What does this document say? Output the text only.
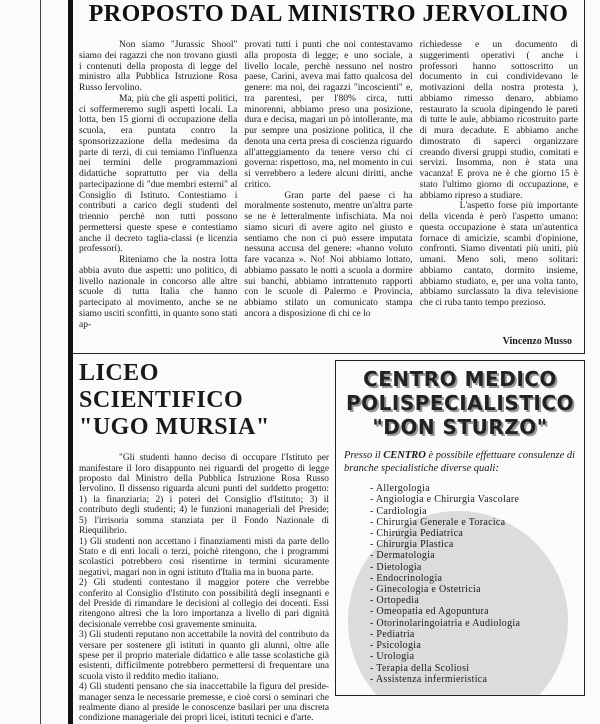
PROPOSTO DAL MINISTRO JERVOLINO

Non siamo "Jurassic Shool" siamo dei ragazzi che non trovano giusti i contenuti della proposta di legge del ministro alla Pubblica Istruzione Rosa Russo Iervolino.

Ma, più che gli aspetti politici, ci soffermeremo sugli aspetti locali. La lotta, ben 15 giorni di occupazione della scuola, era puntata contro la sponsorizzazione della medesima da parte di terzi, di cui temiamo l'influenza nei termini delle programmazioni didattiche soprattutto per via della partecipazione di "due membri esterni" al Consiglio di Istituto. Contestiamo i contributi a carico degli studenti del triennio perchè non tutti possono permettersi queste spese e contestiamo anche il decreto taglia-classi (e licenzia professori).

Riteniamo che la nostra lotta abbia avuto due aspetti: uno politico, di livello nazionale in concorso alle altre scuole di tutta Italia che hanno partecipato al movimento, anche se ne siamo usciti sconfitti, in quanto sono stati ap-

provati tutti i punti che noi contestavamo alla proposta di legge; e uno sociale, a livello locale, perchè nessuno nel nostro paese, Carini, aveva mai fatto qualcosa del genere: ma noi, dei ragazzi "incoscienti" e, tra parentesi, per l'80% circa, tutti minorenni, abbiamo preso una posizione, dura e decisa, magari un pò intollerante, ma pur sempre una posizione politica, il che denota una certa presa di coscienza riguardo all'atteggiamento da tenere verso chi ci governa: rispettoso, ma, nel momento in cui si verrebbero a ledere alcuni diritti, anche critico.

Gran parte del paese ci ha moralmente sostenuto, mentre un'altra parte se ne è letteralmente infischiata. Ma noi siamo sicuri di avere agito nel giusto e sentiamo che non ci può essere imputata nessuna accusa del genere: «hanno voluto fare vacanza ». No! Noi abbiamo lottato, abbiamo passato le notti a scuola a dormire sui banchi, abbiamo intrattenuto rapporti con le scuole di Palermo e Provincia, abbiamo stilato un comunicato stampa ancora a disposizione di chi ce lo

richiedesse e un documento di suggerimenti operativi ( anche i professori hanno sottoscritto un documento in cui condividevano le motivazioni della nostra protesta ), abbiamo rimesso denaro, abbiamo restaurato la scuola dipingendo le pareti di tutte le aule, abbiamo ricostruito parte di mura decadute. E abbiamo anche dimostrato di saperci organizzare creando diversi gruppi studio, comitati e servizi. Insomma, non è stata una vacanza! E prova ne è che giorno 15 è stato l'ultimo giorno di occupazione, e abbiamo ripreso a studiare.

L'aspetto forse più importante della vicenda è però l'aspetto umano: questa occupazione è stata un'autentica fornace di amicizie, scambi d'opinione, confronti. Siamo diventati più uniti, più umani. Meno soli, meno solitari: abbiamo cantato, dormito insieme, abbiamo studiato, e, per una volta tanto, abbiamo surclassato la diva televisione che ci ruba tanto tempo prezioso.

Vincenzo Musso
LICEO SCIENTIFICO
"UGO MURSIA"

"Gli studenti hanno deciso di occupare l'Istituto per manifestare il loro disappunto nei riguardi del progetto di legge proposto dal Ministro della Pubblica Istruzione Rosa Russo Iervolino. Il dissenso riguarda alcuni punti del suddetto progetto: 1) la finanziaria; 2) i poteri del Consiglio d'Istituto; 3) il contributo degli studenti; 4) le funzioni manageriali del Preside; 5) l'irrisoria somma stanziata per il Fondo Nazionale di Riequilibrio.

1) Gli studenti non accettano i finanziamenti misti da parte dello Stato e di enti locali o terzi, poichè ritengono, che i programmi scolastici potrebbero così risentirne in termini sicuramente negativi, magari non in ogni istituto d'Italia ma in buona parte.

2) Gli studenti contestano il maggior potere che verrebbe conferito al Consiglio d'Istituto con possibilità degli insegnanti e del Preside di rimandare le decisioni al collegio dei docenti. Essi ritengono altresì che la loro importanza a livello di pari dignità decisionale verrebbe così gravemente sminuita.

3) Gli studenti reputano non accettabile la novità del contributo da versare per sostenere gli istituti in quanto gli alunni, oltre alle spese per il proprio materiale didattico e alle tasse scolastiche già esistenti, difficilmente potrebbero permettersi di frequentare una scuola visto il reddito medio italiano.

4) Gli studenti pensano che sia inaccettabile la figura del preside-manager senza le necessarie premesse, e cioè corsi o seminari che realmente diano al preside le conoscenze basilari per una discreta condizione manageriale dei propri licei, istituti tecnici e d'arte.

CENTRO MEDICO
POLISPECIALISTICO
"DON STURZO"

Presso il CENTRO è possibile effettuare consulenze di branche specialistiche diverse quali:

- Allergologia
- Angiologia e Chirurgia Vascolare
- Cardiologia
- Chirurgia Generale e Toracica
- Chirurgia Pediatrica
- Chirurgia Plastica
- Dermatologia
- Dietologia
- Endocrinologia
- Ginecologia e Ostetricia
- Ortopedia
- Omeopatia ed Agopuntura
- Otorinolaringoiatria e Audiologia
- Pediatria
- Psicologia
- Urologia
- Terapia della Scoliosi
- Assistenza infermieristica
